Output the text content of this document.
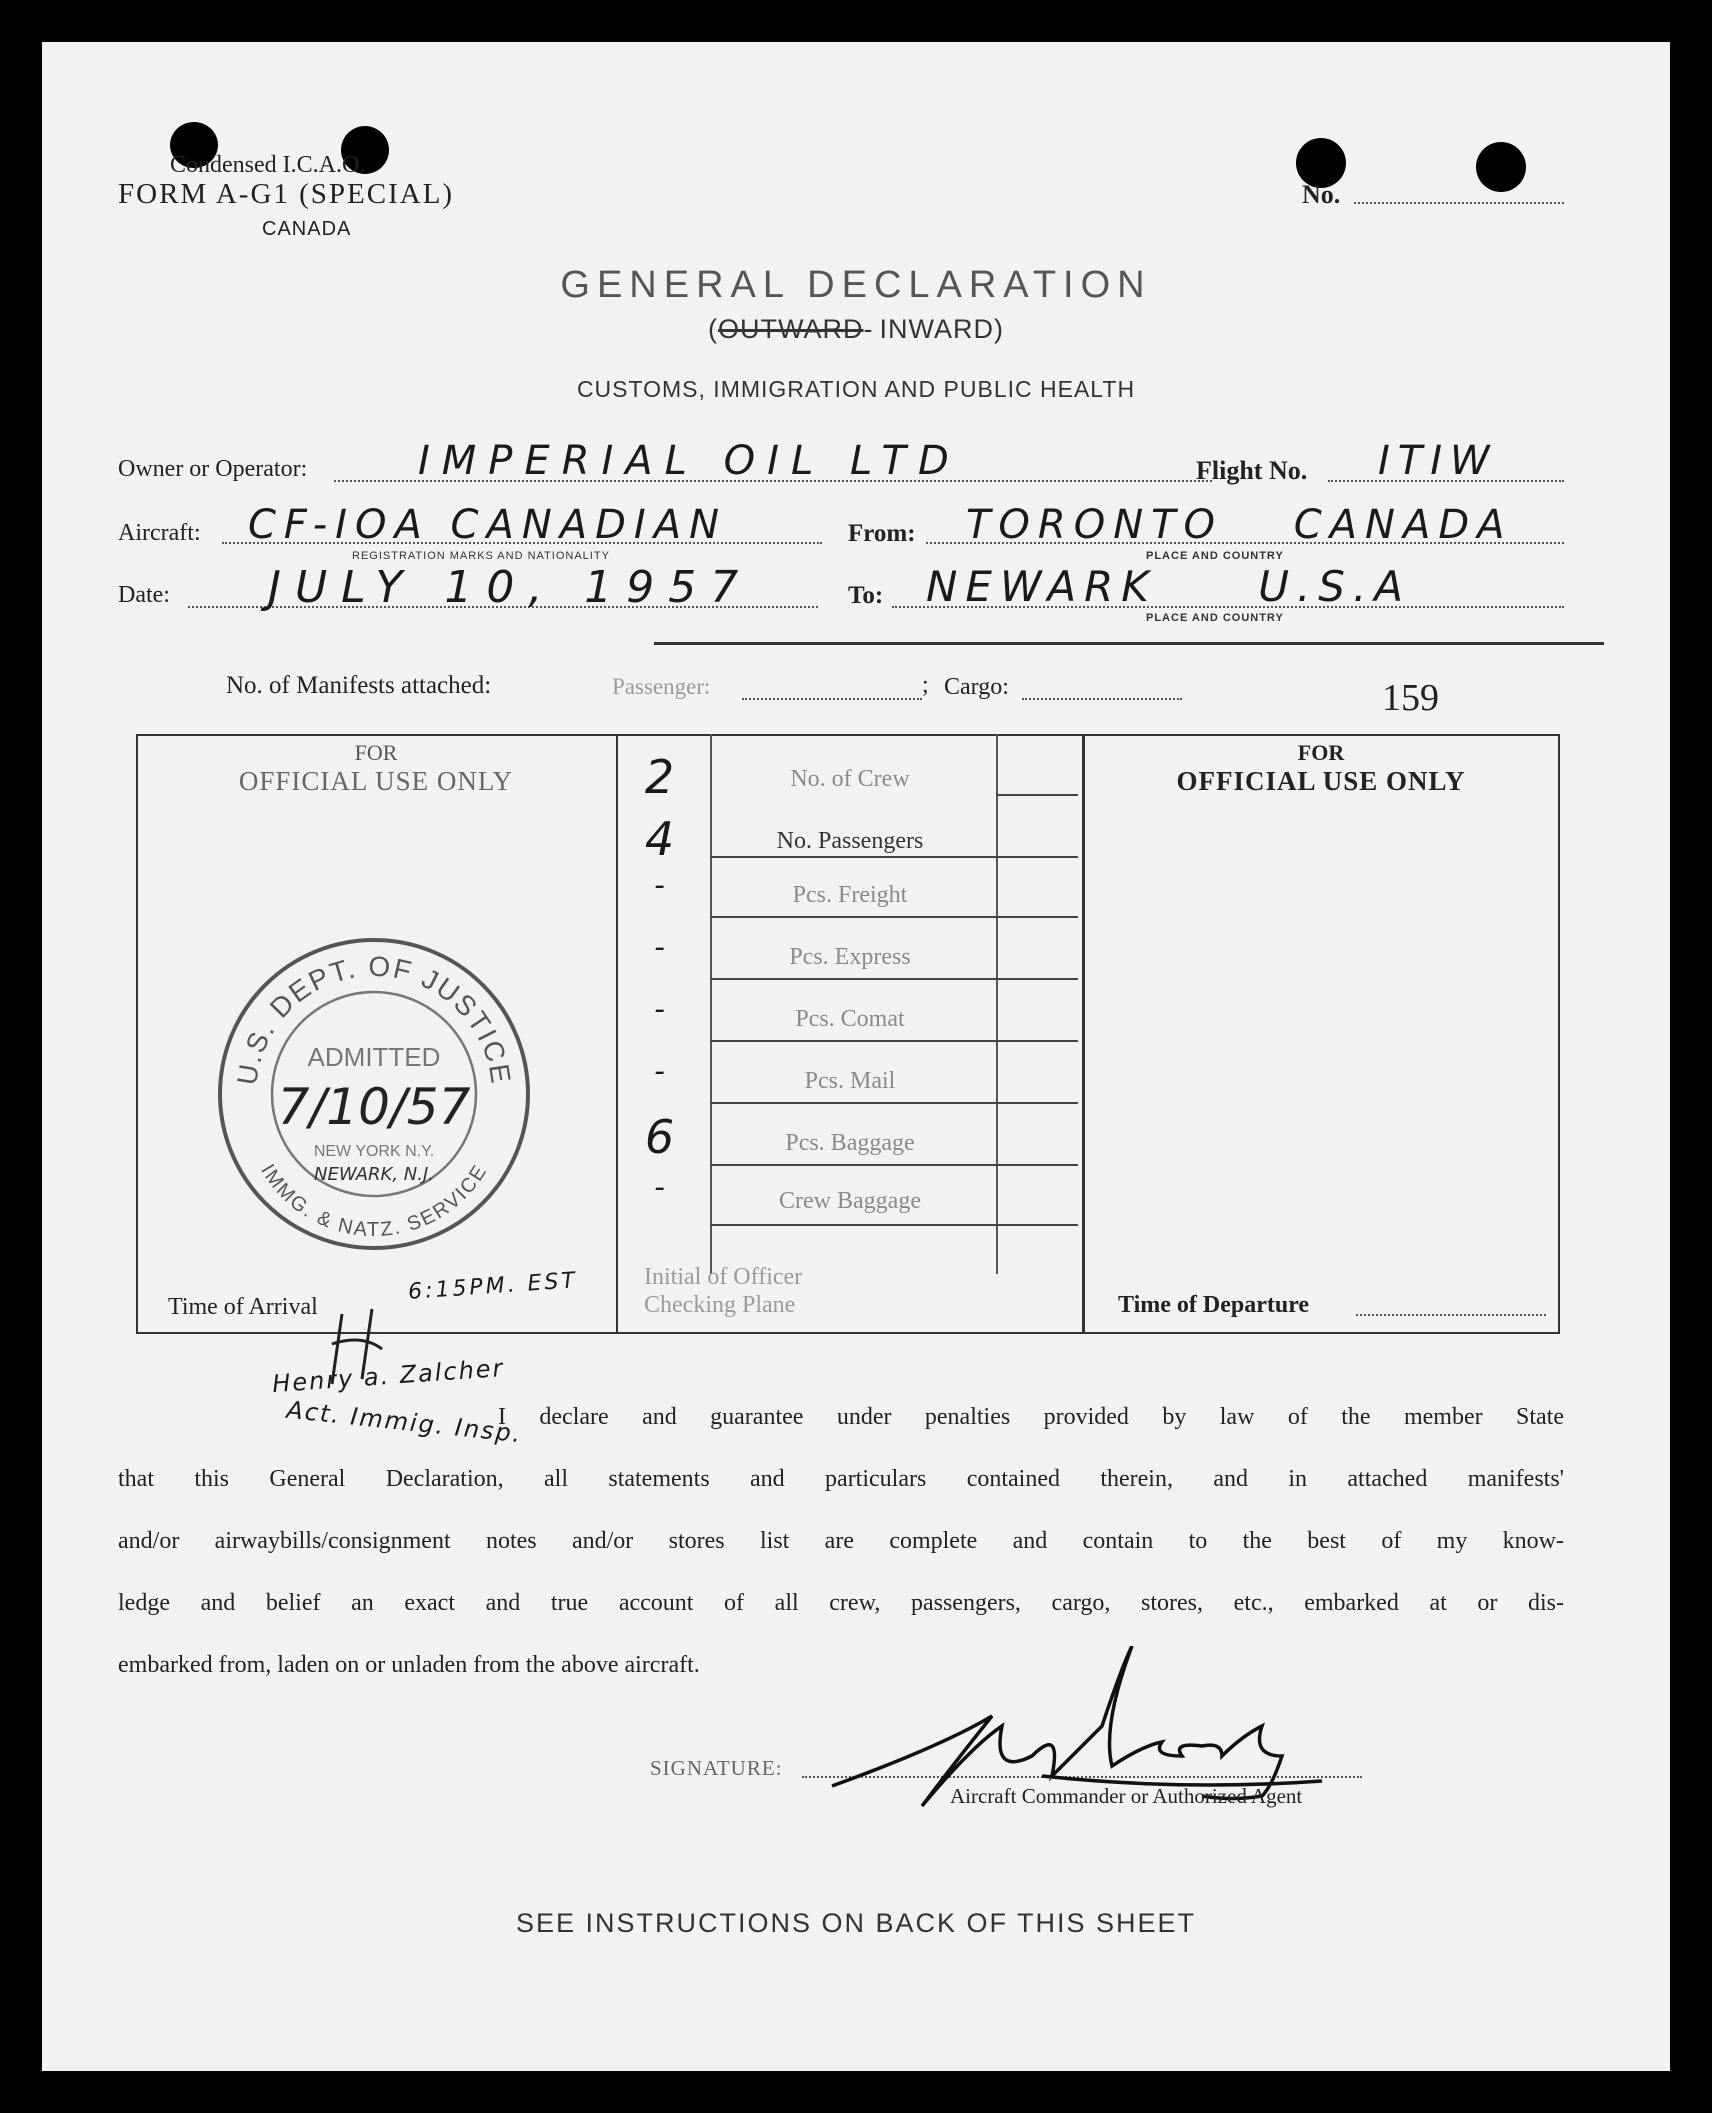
Condensed I.C.A.O.
FORM A-G1 (SPECIAL)
CANADA
No.
GENERAL DECLARATION
(OUTWARD- INWARD)
CUSTOMS, IMMIGRATION AND PUBLIC HEALTH
Owner or Operator:	IMPERIAL OIL LTD	Flight No. ITIW
Aircraft: CF-IOA CANADIAN
REGISTRATION MARKS AND NATIONALITY
From: TORONTO CANADA
PLACE AND COUNTRY
Date: JULY 10, 1957	To: NEWARK U.S.A
PLACE AND COUNTRY
No. of Manifests attached:	Passenger:	; Cargo:	159
FOR
OFFICIAL USE ONLY
FOR
OFFICIAL USE ONLY
2	No. of Crew
4	No. Passengers
-	Pcs. Freight
-	Pcs. Express
-	Pcs. Comat
-	Pcs. Mail
6	Pcs. Baggage
-	Crew Baggage
Initial of Officer
Checking Plane
Time of Arrival
6:15PM. EST
Time of Departure
U.S. DEPT. OF JUSTICE
IMMG. & NATZ. SERVICE
ADMITTED
7/10/57
NEW YORK N.Y.
NEWARK, N.J.
Henry a. Zalcher
Act. Immig. Insp.
I declare and guarantee under penalties provided by law of the member State
that this General Declaration, all statements and particulars contained therein, and in attached manifests'
and/or airwaybills/consignment notes and/or stores list are complete and contain to the best of my know-
ledge and belief an exact and true account of all crew, passengers, cargo, stores, etc., embarked at or dis-
embarked from, laden on or unladen from the above aircraft.
SIGNATURE:
Aircraft Commander or Authorized Agent
SEE INSTRUCTIONS ON BACK OF THIS SHEET
